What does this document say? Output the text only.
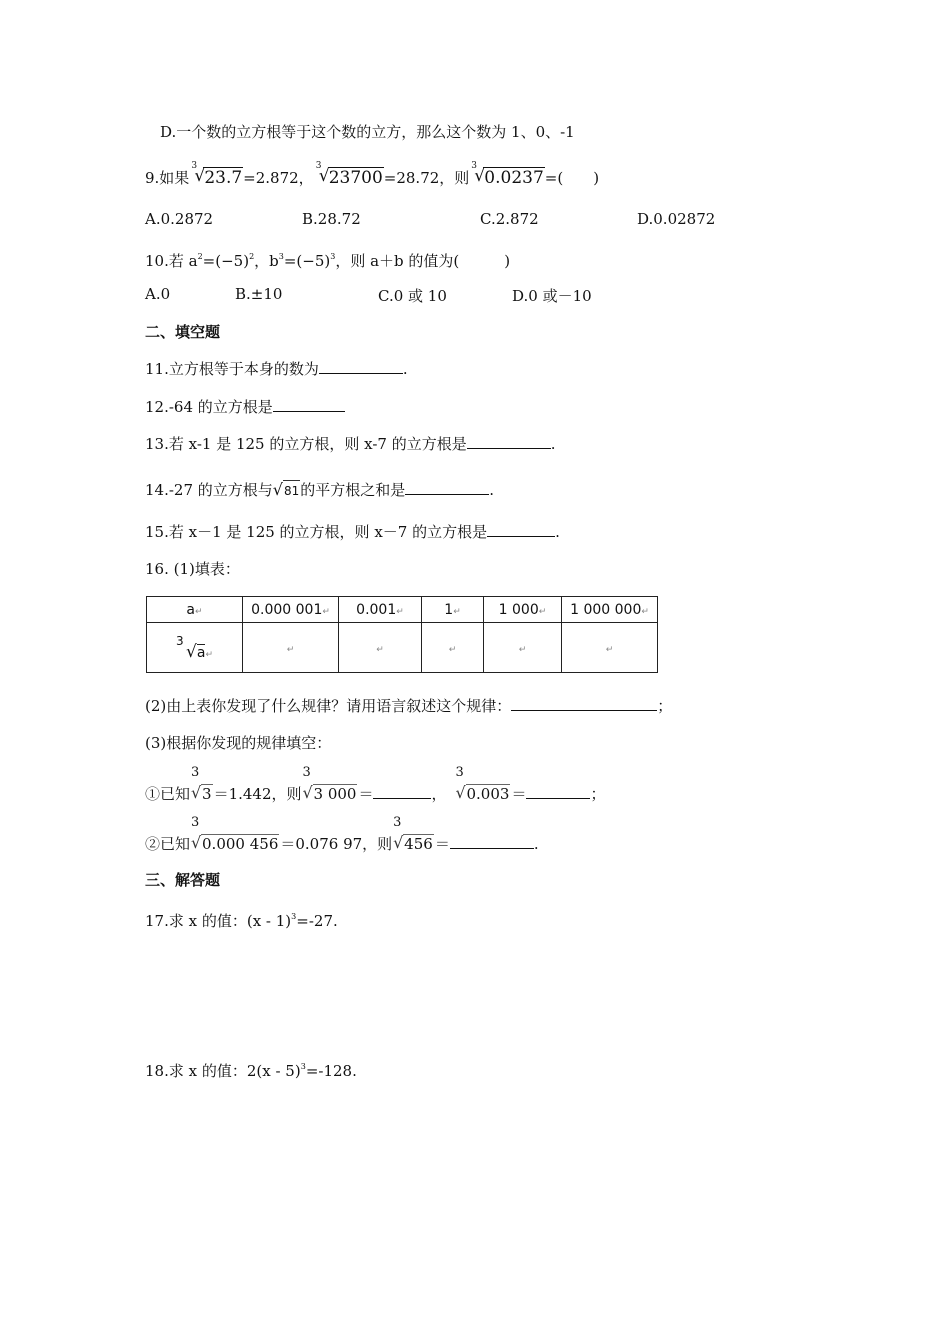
D.一个数的立方根等于这个数的立方，那么这个数为 1、0、-1
9.如果
3
√ 23.7=2.872，
3
√ 23700=28.72，则
3
√ 0.0237=(　　)
A.0.2872	B.28.72	C.2.872	D.0.02872
10.若 $a^2=(-5)^2$，$b^3=(-5)^3$，则 a＋b 的值为(　　　)
A.0	B.±10	C.0 或 10	D.0 或－10
二、填空题
11.立方根等于本身的数为	.
12.-64 的立方根是
13.若 x-1 是 125 的立方根，则 x-7 的立方根是	.
14.-27 的立方根与√81的平方根之和是	.
15.若 x－1 是 125 的立方根，则 x－7 的立方根是	.
16. (1)填表：
a↵	0.000 001↵	0.001↵	1↵	1 000↵	1 000 000↵

3
√a↵	↵	↵	↵	↵	↵
(2)由上表你发现了什么规律？请用语言叙述这个规律：	；
(3)根据你发现的规律填空：
①已知
3
√ 3 ＝1.442，则
3
√ 3 000 ＝	，
3
√ 0.003 ＝	；
②已知
3
√ 0.000 456 ＝0.076 97，则
3
√ 456 ＝	.
三、解答题
17.求 x 的值：(x - 1)$^3$=-27.
18.求 x 的值：2(x - 5)$^3$=-128.
